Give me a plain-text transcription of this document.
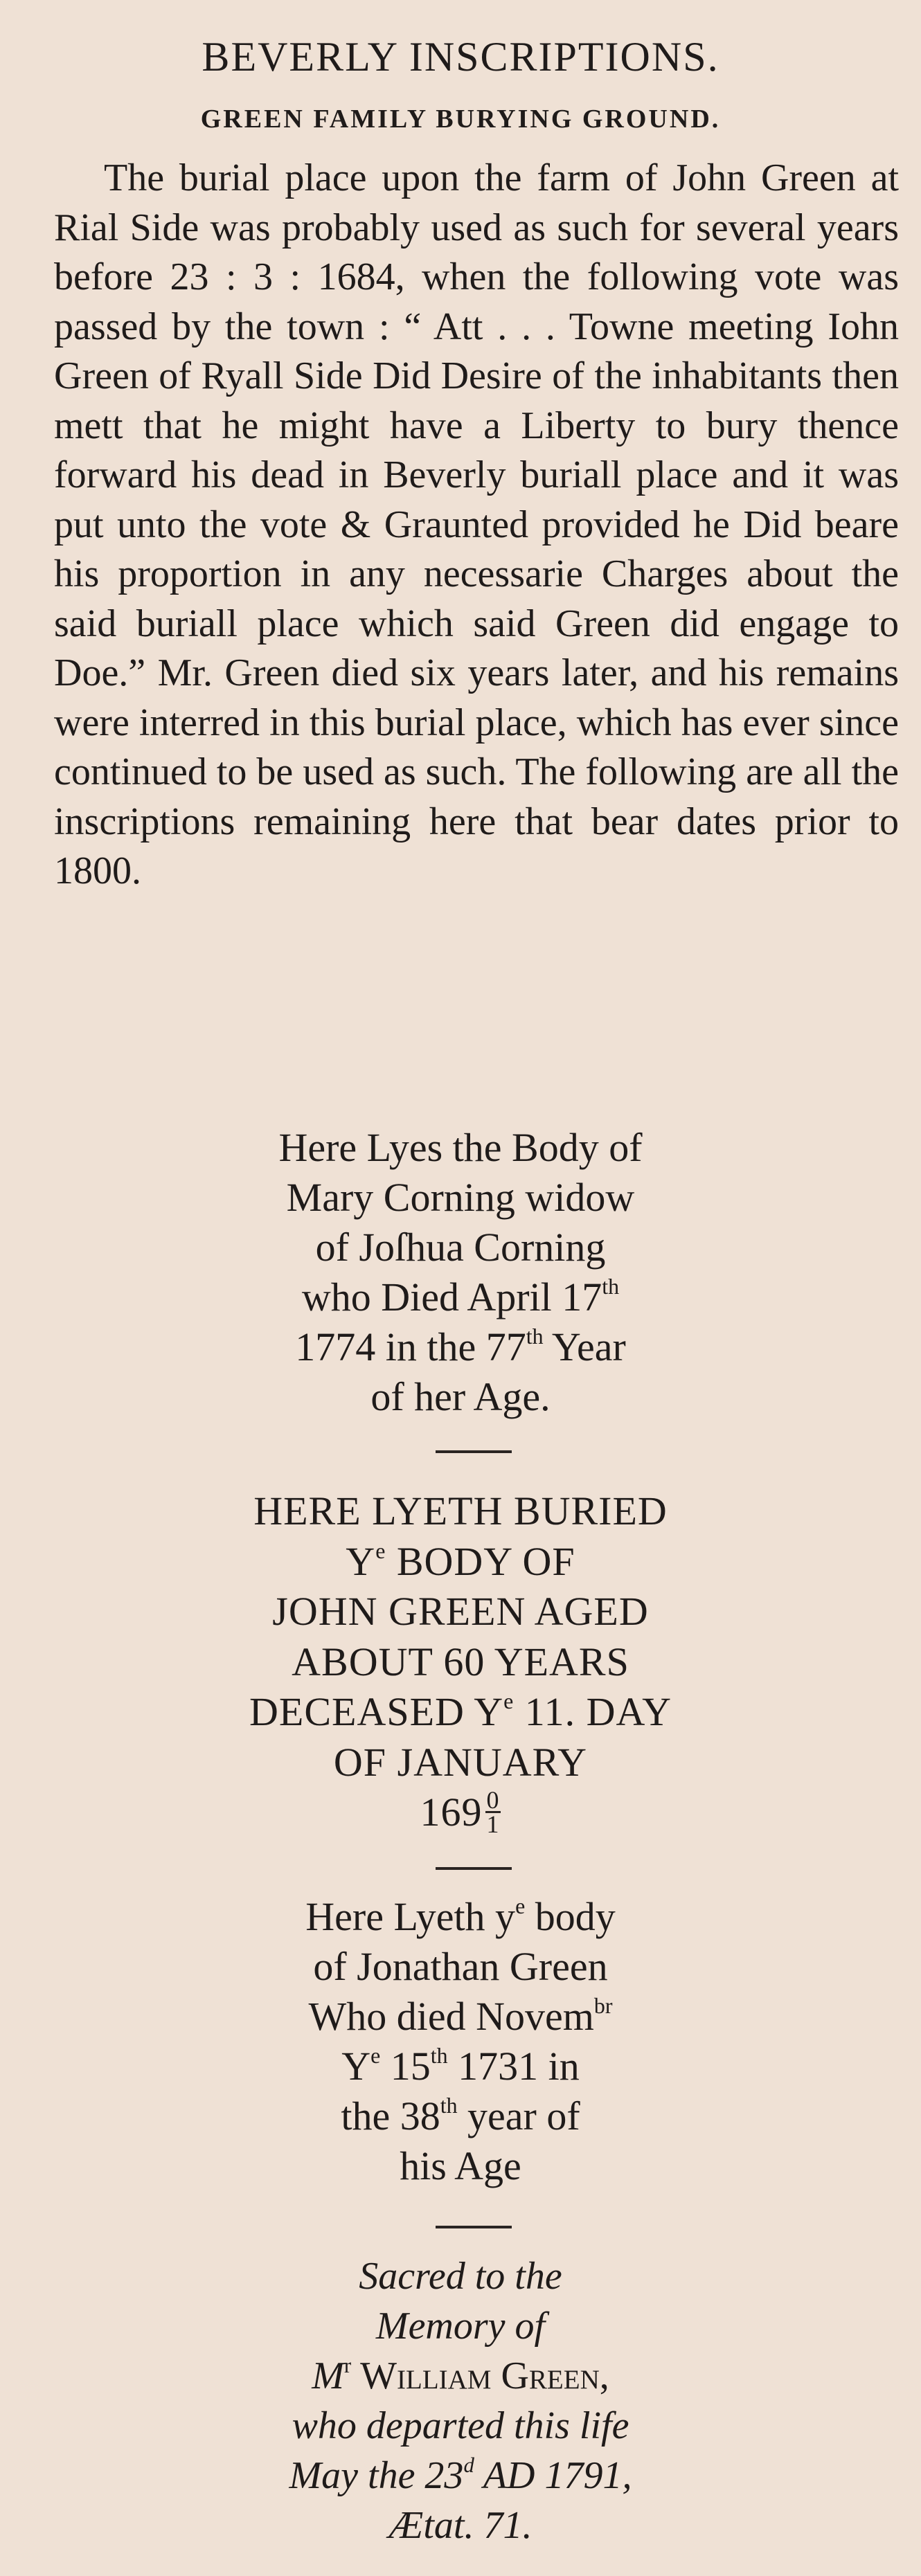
BEVERLY INSCRIPTIONS.
GREEN FAMILY BURYING GROUND.

The burial place upon the farm of John Green at Rial Side was probably used as such for several years before 23 : 3 : 1684, when the following vote was passed by the town : “ Att . . . Towne meeting Iohn Green of Ryall Side Did Desire of the inhabitants then mett that he might have a Liberty to bury thence forward his dead in Beverly buriall place and it was put unto the vote & Graunted provided he Did beare his proportion in any necessarie Charges about the said buriall place which said Green did engage to Doe.” Mr. Green died six years later, and his remains were interred in this burial place, which has ever since continued to be used as such. The following are all the inscriptions remaining here that bear dates prior to 1800.

Here Lyes the Body of
Mary Corning widow
of Joſhua Corning
who Died April 17th
1774 in the 77th Year
of her Age.
HERE LYETH BURIED
$Y^e$ BODY OF
JOHN GREEN AGED
ABOUT 60 YEARS
DECEASED $Y^e$ 11. DAY
OF JANUARY
$169 \frac{0}{1}$
Here Lyeth $y^e$ body
of Jonathan Green
Who died Novem$^{br}$
$Y^e$ 15th 1731 in
the 38th year of
his Age
Sacred to the
Memory of
$M^r$ William Green,
who departed this life
May the 23$^d$ AD 1791,
Ætat. 71.
